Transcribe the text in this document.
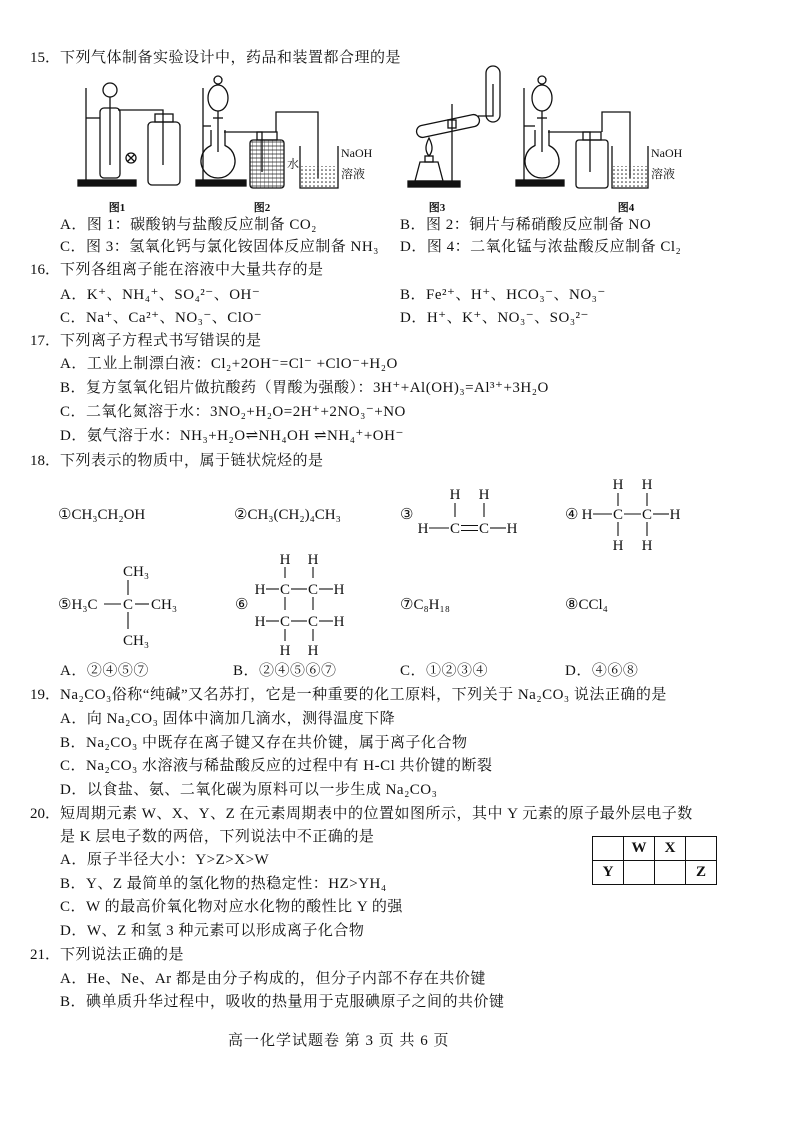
15．下列气体制备实验设计中，药品和装置都合理的是
水
NaOH
溶液
NaOH
溶液
图1	图2	图3	图4
A．图 1：碳酸钠与盐酸反应制备 CO₂	B．图 2：铜片与稀硝酸反应制备 NO
C．图 3：氢氧化钙与氯化铵固体反应制备 NH₃ D．图 4：二氧化锰与浓盐酸反应制备 Cl₂
16．下列各组离子能在溶液中大量共存的是
A．K⁺、NH₄⁺、SO₄²⁻、OH⁻	B．Fe²⁺、H⁺、HCO₃⁻、NO₃⁻
C．Na⁺、Ca²⁺、NO₃⁻、ClO⁻	D．H⁺、K⁺、NO₃⁻、SO₃²⁻
17．下列离子方程式书写错误的是
A．工业上制漂白液：Cl₂+2OH⁻=Cl⁻ +ClO⁻+H₂O
B．复方氢氧化铝片做抗酸药（胃酸为强酸）：3H⁺+Al(OH)₃=Al³⁺+3H₂O
C．二氧化氮溶于水：3NO₂+H₂O=2H⁺+2NO₃⁻+NO
D．氨气溶于水：NH₃+H₂O⇌NH₄OH ⇌NH₄⁺+OH⁻
18．下列表示的物质中，属于链状烷烃的是
①CH₃CH₂OH	②CH₃(CH₂)₄CH₃	③
H H
H C C H
④
H H
H C C H
H H
⑤H₃C C CH₃
CH₃
CH₃
⑥
H H
H C C H
H C C H
H H
⑦C₈H₁₈	⑧CCl₄
A．②④⑤⑦	B．②④⑤⑥⑦	C．①②③④	D．④⑥⑧
19．Na₂CO₃俗称“纯碱”又名苏打，它是一种重要的化工原料，下列关于 Na₂CO₃ 说法正确的是
A．向 Na₂CO₃ 固体中滴加几滴水，测得温度下降
B．Na₂CO₃ 中既存在离子键又存在共价键，属于离子化合物
C．Na₂CO₃ 水溶液与稀盐酸反应的过程中有 H-Cl 共价键的断裂
D．以食盐、氨、二氧化碳为原料可以一步生成 Na₂CO₃
20．短周期元素 W、X、Y、Z 在元素周期表中的位置如图所示，其中 Y 元素的原子最外层电子数
是 K 层电子数的两倍，下列说法中不正确的是
	W	X	
Y			Z
A．原子半径大小：Y>Z>X>W
B．Y、Z 最简单的氢化物的热稳定性：HZ>YH₄
C．W 的最高价氧化物对应水化物的酸性比 Y 的强
D．W、Z 和氢 3 种元素可以形成离子化合物
21．下列说法正确的是
A．He、Ne、Ar 都是由分子构成的，但分子内部不存在共价键
B．碘单质升华过程中，吸收的热量用于克服碘原子之间的共价键
高一化学试题卷 第 3 页 共 6 页
